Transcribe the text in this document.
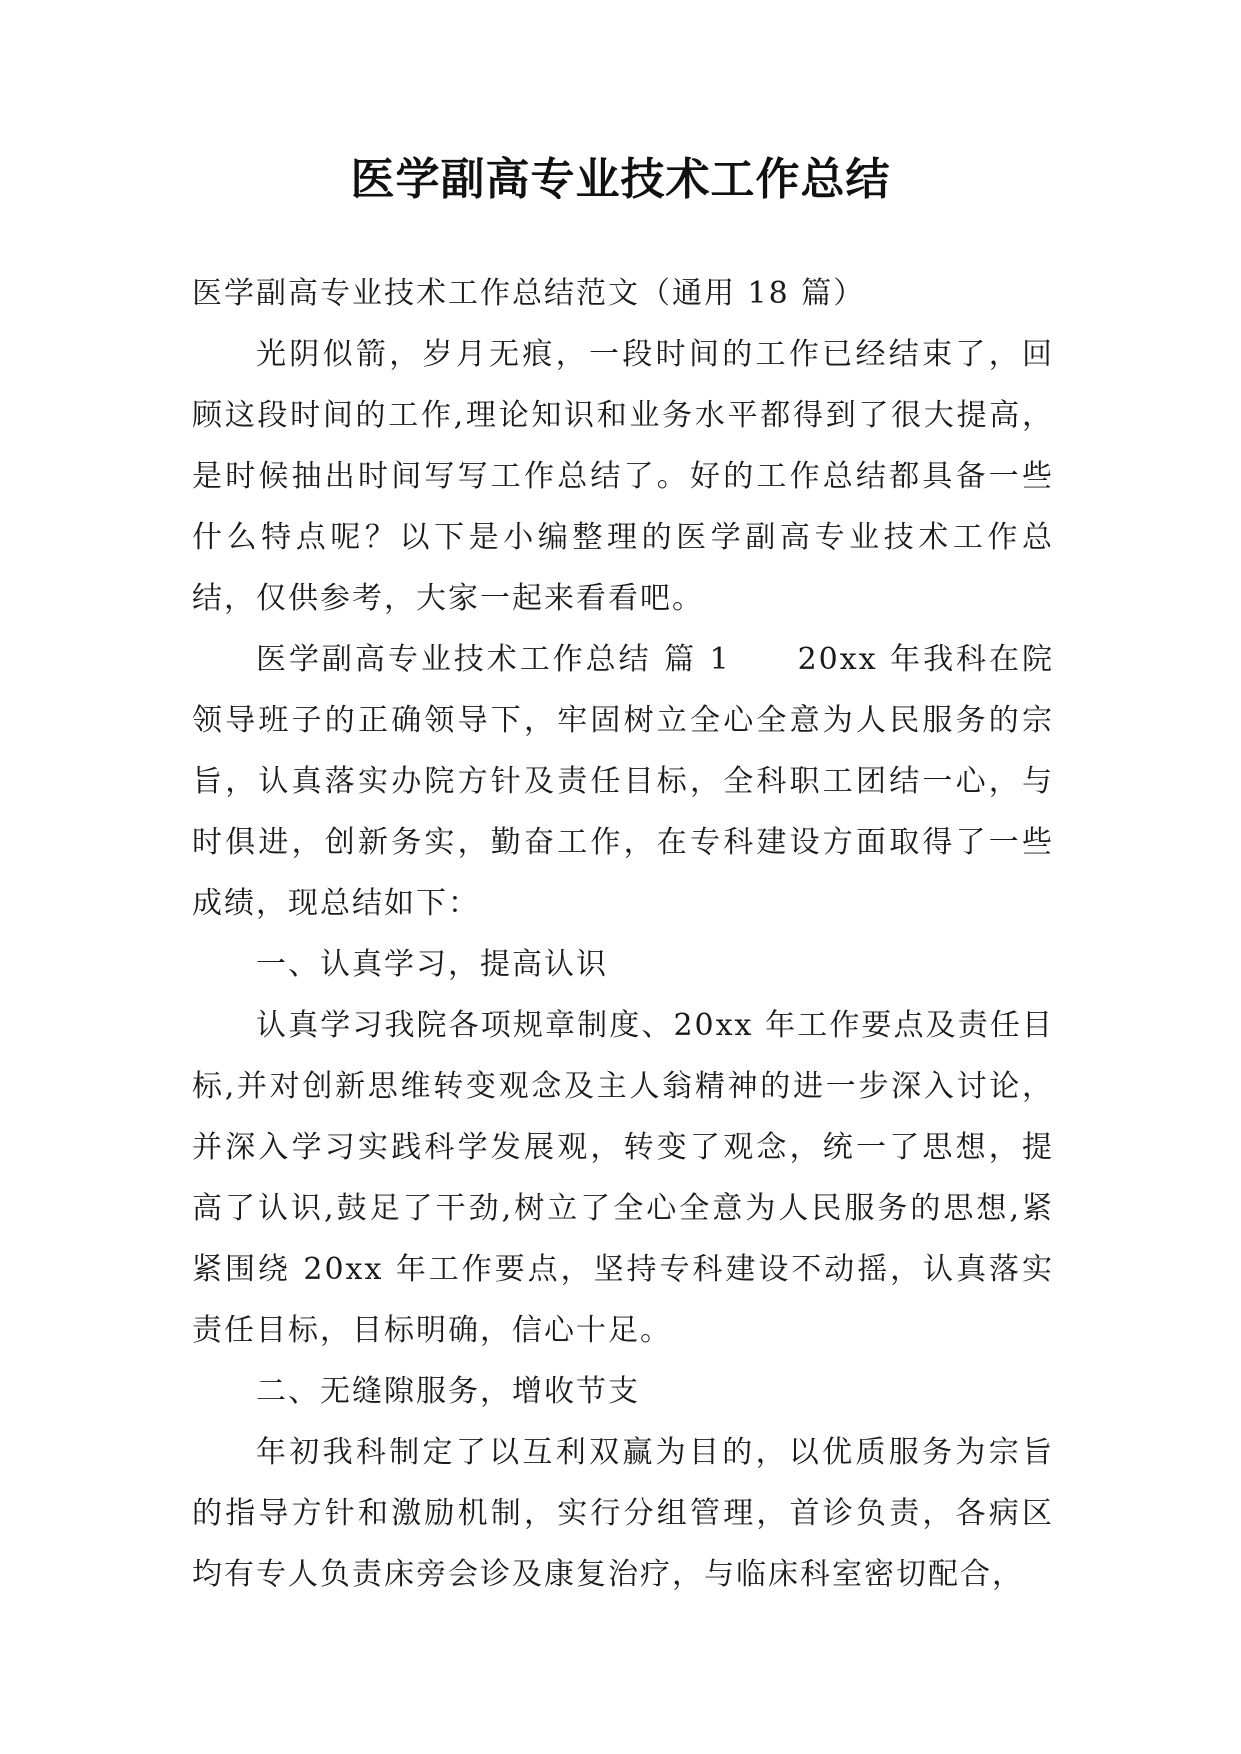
医学副高专业技术工作总结

医学副高专业技术工作总结范文（通用 18 篇）

光阴似箭，岁月无痕，一段时间的工作已经结束了，回顾这段时间的工作,理论知识和业务水平都得到了很大提高，是时候抽出时间写写工作总结了。好的工作总结都具备一些什么特点呢？以下是小编整理的医学副高专业技术工作总结，仅供参考，大家一起来看看吧。

医学副高专业技术工作总结 篇 1　　20xx 年我科在院领导班子的正确领导下，牢固树立全心全意为人民服务的宗旨，认真落实办院方针及责任目标，全科职工团结一心，与时俱进，创新务实，勤奋工作，在专科建设方面取得了一些成绩，现总结如下：

一、认真学习，提高认识

认真学习我院各项规章制度、20xx 年工作要点及责任目标,并对创新思维转变观念及主人翁精神的进一步深入讨论，并深入学习实践科学发展观，转变了观念，统一了思想，提高了认识,鼓足了干劲,树立了全心全意为人民服务的思想,紧紧围绕 20xx 年工作要点，坚持专科建设不动摇，认真落实责任目标，目标明确，信心十足。

二、无缝隙服务，增收节支

年初我科制定了以互利双赢为目的，以优质服务为宗旨的指导方针和激励机制，实行分组管理，首诊负责，各病区均有专人负责床旁会诊及康复治疗，与临床科室密切配合，
